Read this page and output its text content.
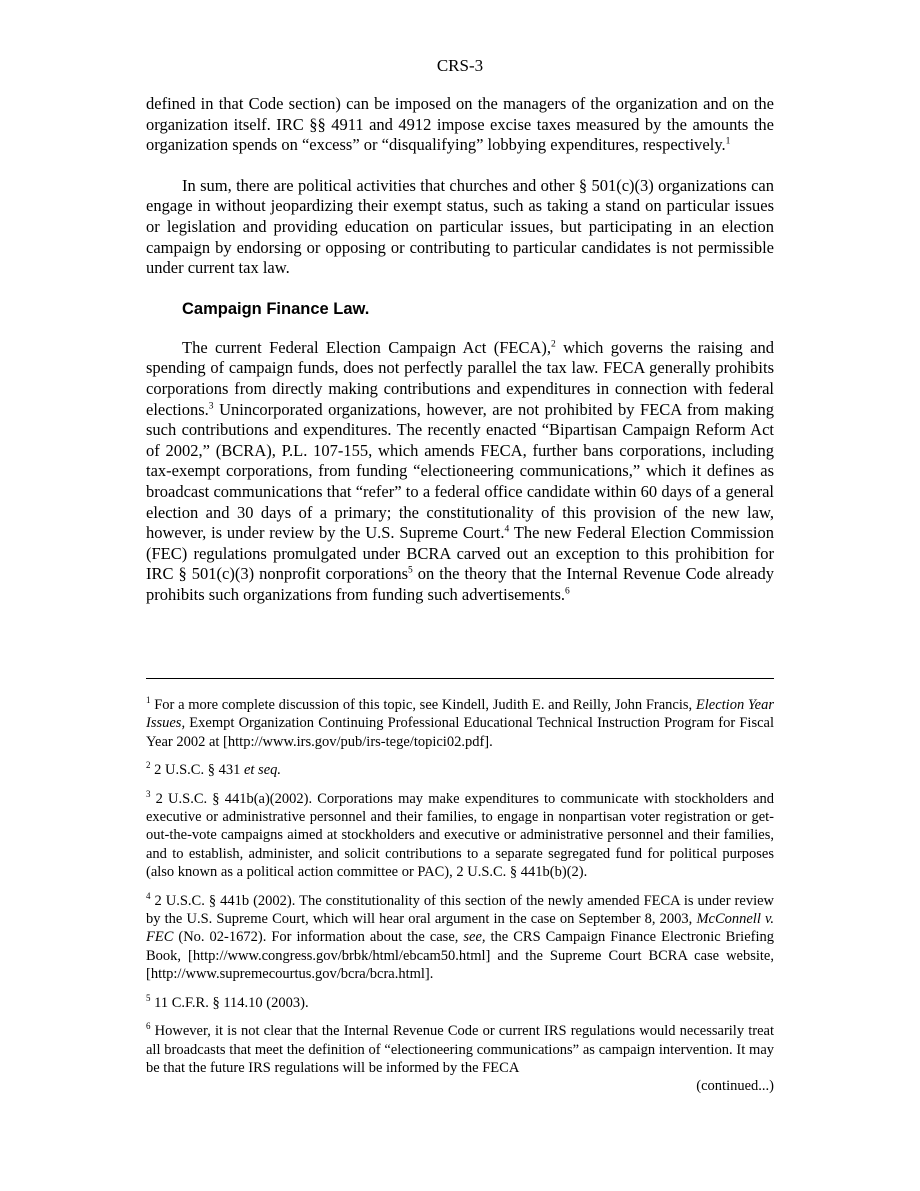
CRS-3

defined in that Code section) can be imposed on the managers of the organization and on the organization itself. IRC §§ 4911 and 4912 impose excise taxes measured by the amounts the organization spends on “excess” or “disqualifying” lobbying expenditures, respectively.$^1$

In sum, there are political activities that churches and other § 501(c)(3) organizations can engage in without jeopardizing their exempt status, such as taking a stand on particular issues or legislation and providing education on particular issues, but participating in an election campaign by endorsing or opposing or contributing to particular candidates is not permissible under current tax law.

Campaign Finance Law.

The current Federal Election Campaign Act (FECA),$^2$ which governs the raising and spending of campaign funds, does not perfectly parallel the tax law. FECA generally prohibits corporations from directly making contributions and expenditures in connection with federal elections.$^3$ Unincorporated organizations, however, are not prohibited by FECA from making such contributions and expenditures. The recently enacted “Bipartisan Campaign Reform Act of 2002,” (BCRA), P.L. 107-155, which amends FECA, further bans corporations, including tax-exempt corporations, from funding “electioneering communications,” which it defines as broadcast communications that “refer” to a federal office candidate within 60 days of a general election and 30 days of a primary; the constitutionality of this provision of the new law, however, is under review by the U.S. Supreme Court.$^4$ The new Federal Election Commission (FEC) regulations promulgated under BCRA carved out an exception to this prohibition for IRC § 501(c)(3) nonprofit corporations$^5$ on the theory that the Internal Revenue Code already prohibits such organizations from funding such advertisements.$^6$

$^1$ For a more complete discussion of this topic, see Kindell, Judith E. and Reilly, John Francis, Election Year Issues, Exempt Organization Continuing Professional Educational Technical Instruction Program for Fiscal Year 2002 at [http://www.irs.gov/pub/irs-tege/topici02.pdf].
$^2$ 2 U.S.C. § 431 et seq.
$^3$ 2 U.S.C. § 441b(a)(2002). Corporations may make expenditures to communicate with stockholders and executive or administrative personnel and their families, to engage in nonpartisan voter registration or get-out-the-vote campaigns aimed at stockholders and executive or administrative personnel and their families, and to establish, administer, and solicit contributions to a separate segregated fund for political purposes (also known as a political action committee or PAC), 2 U.S.C. § 441b(b)(2).
$^4$ 2 U.S.C. § 441b (2002). The constitutionality of this section of the newly amended FECA is under review by the U.S. Supreme Court, which will hear oral argument in the case on September 8, 2003, McConnell v. FEC (No. 02-1672). For information about the case, see, the CRS Campaign Finance Electronic Briefing Book, [http://www.congress.gov/brbk/html/ebcam50.html] and the Supreme Court BCRA case website, [http://www.supremecourtus.gov/bcra/bcra.html].
$^5$ 11 C.F.R. § 114.10 (2003).
$^6$ However, it is not clear that the Internal Revenue Code or current IRS regulations would necessarily treat all broadcasts that meet the definition of “electioneering communications” as campaign intervention. It may be that the future IRS regulations will be informed by the FECA
(continued...)
